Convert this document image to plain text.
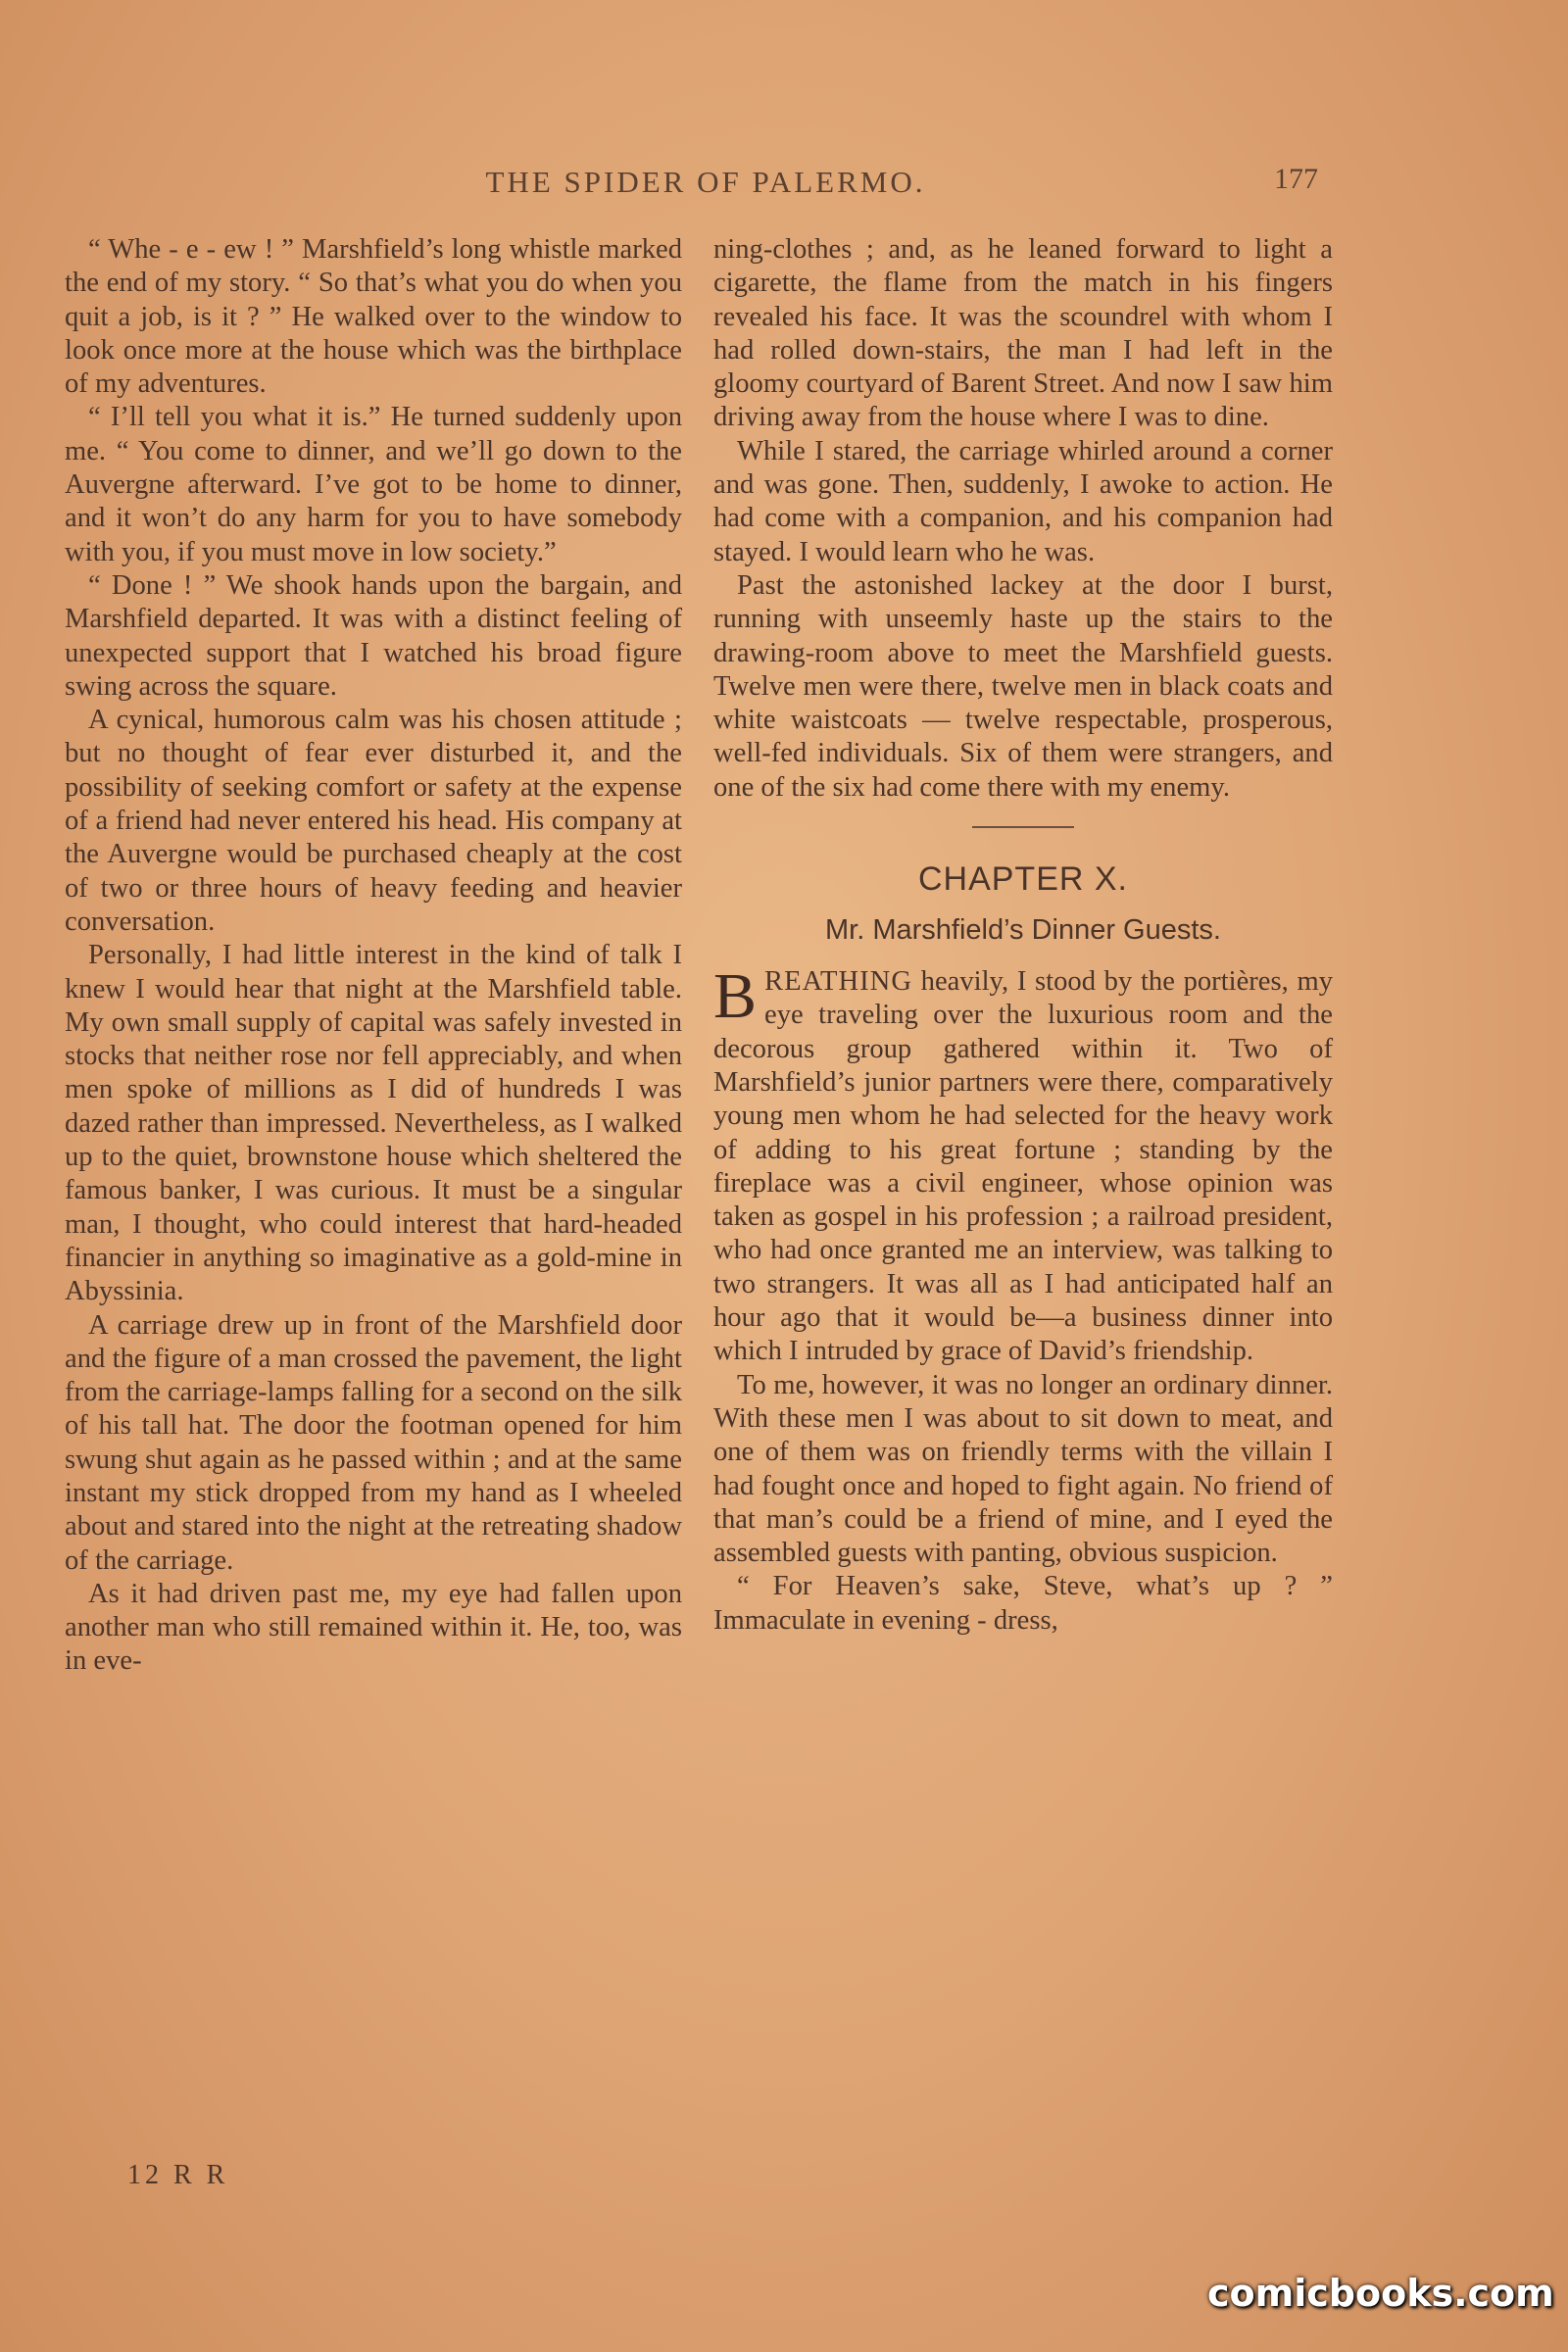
THE SPIDER OF PALERMO.	177

“ Whe - e - ew ! ” Marshfield’s long whistle marked the end of my story. “ So that’s what you do when you quit a job, is it ? ” He walked over to the window to look once more at the house which was the birthplace of my adventures.

“ I’ll tell you what it is.” He turned suddenly upon me. “ You come to dinner, and we’ll go down to the Auvergne afterward. I’ve got to be home to dinner, and it won’t do any harm for you to have somebody with you, if you must move in low society.”

“ Done ! ” We shook hands upon the bargain, and Marshfield departed. It was with a distinct feeling of unexpected support that I watched his broad figure swing across the square.

A cynical, humorous calm was his chosen attitude ; but no thought of fear ever disturbed it, and the possibility of seeking comfort or safety at the expense of a friend had never entered his head. His company at the Auvergne would be purchased cheaply at the cost of two or three hours of heavy feeding and heavier conversation.

Personally, I had little interest in the kind of talk I knew I would hear that night at the Marshfield table. My own small supply of capital was safely invested in stocks that neither rose nor fell appreciably, and when men spoke of millions as I did of hundreds I was dazed rather than impressed. Nevertheless, as I walked up to the quiet, brownstone house which sheltered the famous banker, I was curious. It must be a singular man, I thought, who could interest that hard-headed financier in anything so imaginative as a gold-mine in Abyssinia.

A carriage drew up in front of the Marshfield door and the figure of a man crossed the pavement, the light from the carriage-lamps falling for a second on the silk of his tall hat. The door the footman opened for him swung shut again as he passed within ; and at the same instant my stick dropped from my hand as I wheeled about and stared into the night at the retreating shadow of the carriage.

As it had driven past me, my eye had fallen upon another man who still remained within it. He, too, was in eve-

ning-clothes ; and, as he leaned forward to light a cigarette, the flame from the match in his fingers revealed his face. It was the scoundrel with whom I had rolled down-stairs, the man I had left in the gloomy courtyard of Barent Street. And now I saw him driving away from the house where I was to dine.

While I stared, the carriage whirled around a corner and was gone. Then, suddenly, I awoke to action. He had come with a companion, and his companion had stayed. I would learn who he was.

Past the astonished lackey at the door I burst, running with unseemly haste up the stairs to the drawing-room above to meet the Marshfield guests. Twelve men were there, twelve men in black coats and white waistcoats — twelve respectable, prosperous, well-fed individuals. Six of them were strangers, and one of the six had come there with my enemy.

CHAPTER X.
Mr. Marshfield’s Dinner Guests.

BREATHING heavily, I stood by the portières, my eye traveling over the luxurious room and the decorous group gathered within it. Two of Marshfield’s junior partners were there, comparatively young men whom he had selected for the heavy work of adding to his great fortune ; standing by the fireplace was a civil engineer, whose opinion was taken as gospel in his profession ; a railroad president, who had once granted me an interview, was talking to two strangers. It was all as I had anticipated half an hour ago that it would be—a business dinner into which I intruded by grace of David’s friendship.

To me, however, it was no longer an ordinary dinner. With these men I was about to sit down to meat, and one of them was on friendly terms with the villain I had fought once and hoped to fight again. No friend of that man’s could be a friend of mine, and I eyed the assembled guests with panting, obvious suspicion.

“ For Heaven’s sake, Steve, what’s up ? ” Immaculate in evening - dress,

12 R R
comicbooks.com
